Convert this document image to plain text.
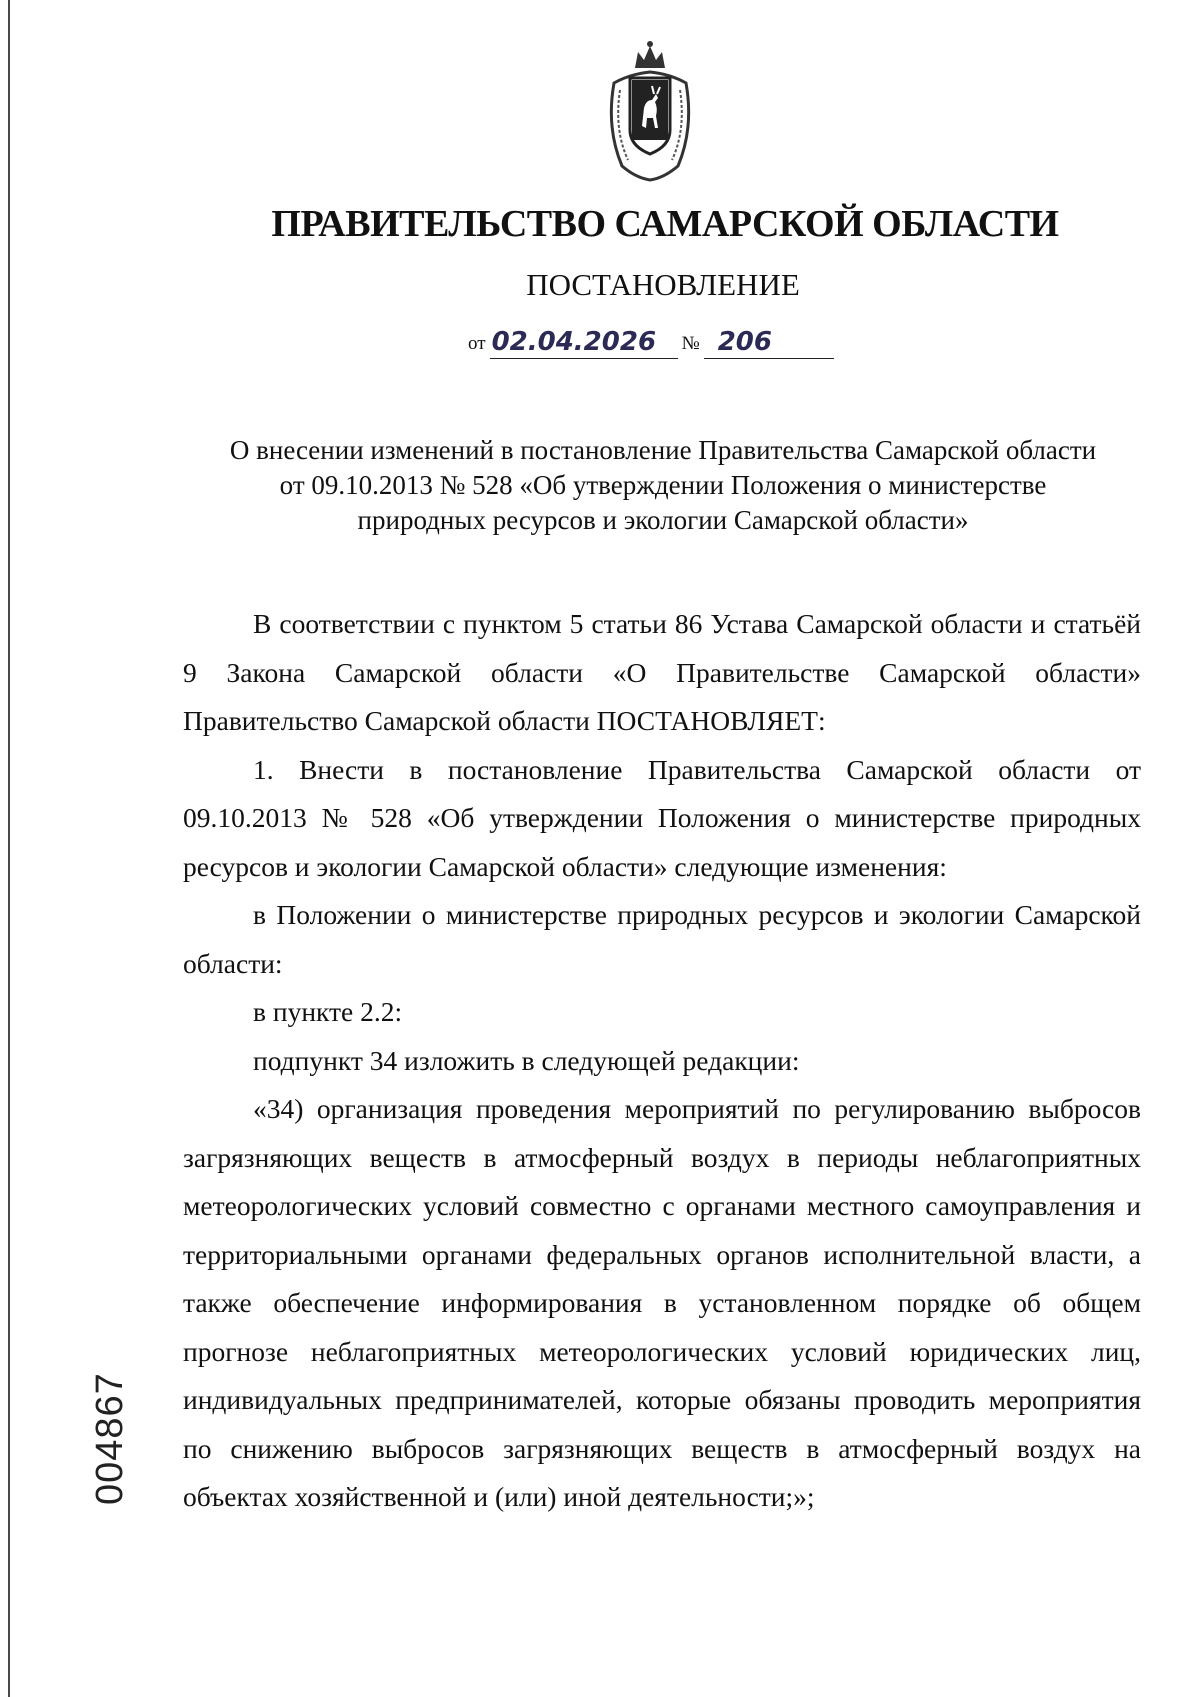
ПРАВИТЕЛЬСТВО САМАРСКОЙ ОБЛАСТИ
ПОСТАНОВЛЕНИЕ
от 02.04.2026	№ 206
О внесении изменений в постановление Правительства Самарской области
от 09.10.2013 № 528 «Об утверждении Положения о министерстве
природных ресурсов и экологии Самарской области»

В соответствии с пунктом 5 статьи 86 Устава Самарской области и статьёй 9 Закона Самарской области «О Правительстве Самарской области» Правительство Самарской области ПОСТАНОВЛЯЕТ:

1. Внести в постановление Правительства Самарской области от 09.10.2013 № 528 «Об утверждении Положения о министерстве природных ресурсов и экологии Самарской области» следующие изменения:

в Положении о министерстве природных ресурсов и экологии Самарской области:

в пункте 2.2:

подпункт 34 изложить в следующей редакции:

«34) организация проведения мероприятий по регулированию выбросов загрязняющих веществ в атмосферный воздух в периоды неблагоприятных метеорологических условий совместно с органами местного самоуправления и территориальными органами федеральных органов исполнительной власти, а также обеспечение информирования в установленном порядке об общем прогнозе неблагоприятных метеорологических условий юридических лиц, индивидуальных предпринимателей, которые обязаны проводить мероприятия по снижению выбросов загрязняющих веществ в атмосферный воздух на объектах хозяйственной и (или) иной деятельности;»;

004867
